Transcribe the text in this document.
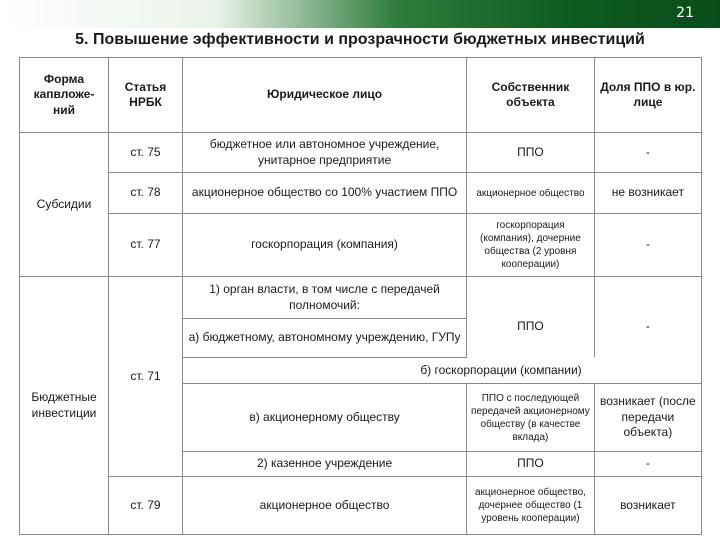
21
5. Повышение эффективности и прозрачности бюджетных инвестиций
Форма капвложе-ний	Статья НРБК	Юридическое лицо		Собственник объекта	Доля ППО в юр. лице
Субсидии	ст. 75	бюджетное или автономное учреждение, унитарное предприятие		ППО	-
	ст. 78	акционерное общество со 100% участием ППО		акционерное общество	не возникает
	ст. 77	госкорпорация (компания)		госкорпорация (компания), дочерние общества (2 уровня кооперации)	-
Бюджетные инвестиции	ст. 71	1) орган власти, в том числе с передачей полномочий:			
		а) бюджетному, автономному учреждению, ГУПу		ППО	-
			б) госкорпорации (компании)		
		в) акционерному обществу		ППО с последующей передачей акционерному обществу (в качестве вклада)	возникает (после передачи объекта)
		2) казенное учреждение		ППО	-
	ст. 79	акционерное общество		акционерное общество, дочернее общество (1 уровень кооперации)	возникает
